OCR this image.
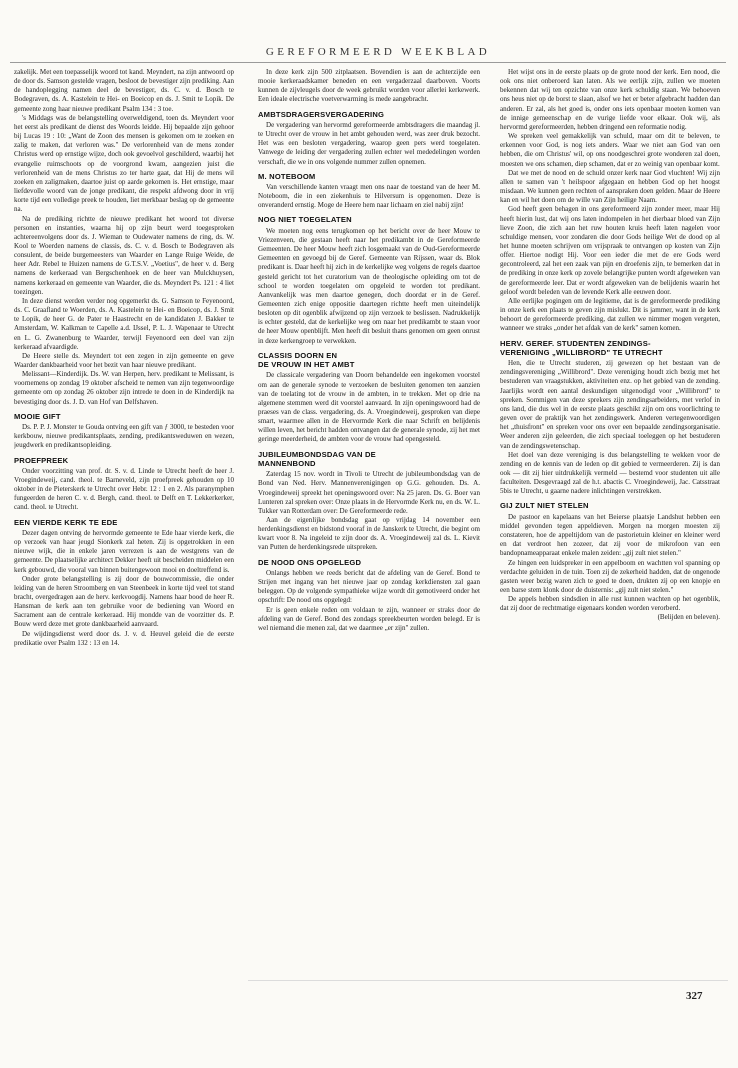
GEREFORMEERD WEEKBLAD

zakelijk. Met een toepasselijk woord tot kand. Meyndert, na zijn antwoord op de door ds. Samson gestelde vragen, besloot de bevestiger zijn prediking. Aan de handoplegging namen deel de bevestiger, ds. C. v. d. Bosch te Bodegraven, ds. A. Kastelein te Hei- en Boeicop en ds. J. Smit te Lopik. De gemeente zong haar nieuwe predikant Psalm 134 : 3 toe.

's Middags was de belangstelling overweldigend, toen ds. Meyndert voor het eerst als predikant de dienst des Woords leidde. Hij bepaalde zijn gehoor bij Lucas 19 : 10: „Want de Zoon des mensen is gekomen om te zoeken en zalig te maken, dat verloren was." De verlorenheid van de mens zonder Christus werd op ernstige wijze, doch ook gevoelvol geschilderd, waarbij het evangelie ruimschoots op de voorgrond kwam, aangezien juist die verlorenheid van de mens Christus zo ter harte gaat, dat Hij de mens wil zoeken en zaligmaken, daartoe juist op aarde gekomen is. Het ernstige, maar liefdevolle woord van de jonge predikant, die respekt afdwong door in vrij korte tijd een volledige preek te houden, liet merkbaar beslag op de gemeente na.

Na de prediking richtte de nieuwe predikant het woord tot diverse personen en instanties, waarna hij op zijn beurt werd toegesproken achtereenvolgens door ds. J. Wieman te Oudewater namens de ring, ds. W. Kool te Woerden namens de classis, ds. C. v. d. Bosch te Bodegraven als consulent, de beide burgemeesters van Waarder en Lange Ruige Weide, de heer Adr. Rebel te Huizen namens de G.T.S.V. „Voetius", de heer v. d. Berg namens de kerkeraad van Bergschenhoek en de heer van Mulckhuysen, namens kerkeraad en gemeente van Waarder, die ds. Meyndert Ps. 121 : 4 liet toezingen.

In deze dienst werden verder nog opgemerkt ds. G. Samson te Feyenoord, ds. C. Graafland te Woerden, ds. A. Kastelein te Hei- en Boeicop, ds. J. Smit te Lopik, de heer G. de Pater te Haastrecht en de kandidaten J. Bakker te Amsterdam, W. Kalkman te Capelle a.d. IJssel, P. L. J. Wapenaar te Utrecht en L. G. Zwanenburg te Waarder, terwijl Feyenoord een deel van zijn kerkeraad afvaardigde.

De Heere stelle ds. Meyndert tot een zegen in zijn gemeente en geve Waarder dankbaarheid voor het bezit van haar nieuwe predikant.

Melissant—Kinderdijk. Ds. W. van Herpen, herv. predikant te Melissant, is voornemens op zondag 19 oktober afscheid te nemen van zijn tegenwoordige gemeente om op zondag 26 oktober zijn intrede te doen in de Kinderdijk na bevestiging door ds. J. D. van Hof van Delfshaven.

MOOIE GIFT

Ds. P. P. J. Monster te Gouda ontving een gift van ƒ 3000, te besteden voor kerkbouw, nieuwe predikantsplaats, zending, predikantsweduwen en wezen, jeugdwerk en predikantsopleiding.

PROEFPREEK

Onder voorzitting van prof. dr. S. v. d. Linde te Utrecht heeft de heer J. Vroegindeweij, cand. theol. te Barneveld, zijn proefpreek gehouden op 10 oktober in de Pieterskerk te Utrecht over Hebr. 12 : 1 en 2. Als paranymphen fungeerden de heren C. v. d. Bergh, cand. theol. te Delft en T. Lekkerkerker, cand. theol. te Utrecht.

EEN VIERDE KERK TE EDE

Dezer dagen ontving de hervormde gemeente te Ede haar vierde kerk, die op verzoek van haar jeugd Sionkerk zal heten. Zij is opgetrokken in een nieuwe wijk, die in enkele jaren verrezen is aan de westgrens van de gemeente. De plaatselijke architect Dekker heeft uit bescheiden middelen een kerk gebouwd, die vooral van binnen buitengewoon mooi en doeltreffend is.

Onder grote belangstelling is zij door de bouwcommissie, die onder leiding van de heren Stroomberg en van Steenbeek in korte tijd veel tot stand bracht, overgedragen aan de herv. kerkvoogdij. Namens haar bood de heer R. Hansman de kerk aan ten gebruike voor de bediening van Woord en Sacrament aan de centrale kerkeraad. Hij mondde van de voorzitter ds. P. Bouw werd deze met grote dankbaarheid aanvaard.

De wijdingsdienst werd door ds. J. v. d. Heuvel geleid die de eerste predikatie over Psalm 132 : 13 en 14.

In deze kerk zijn 500 zitplaatsen. Bovendien is aan de achterzijde een mooie kerkeraadskamer beneden en een vergaderzaal daarboven. Voorts kunnen de zijvleugels door de week gebruikt worden voor allerlei kerkewerk. Een ideale electrische voetverwarming is mede aangebracht.

AMBTSDRAGERSVERGADERING

De vergadering van hervormd gereformeerde ambtsdragers die maandag jl. te Utrecht over de vrouw in het ambt gehouden werd, was zeer druk bezocht. Het was een besloten vergadering, waarop geen pers werd toegelaten. Vanwege de leiding der vergadering zullen echter wel mededelingen worden verschaft, die we in ons volgende nummer zullen opnemen.

M. NOTEBOOM

Van verschillende kanten vraagt men ons naar de toestand van de heer M. Noteboom, die in een ziekenhuis te Hilversum is opgenomen. Deze is onveranderd ernstig. Moge de Heere hem naar lichaam en ziel nabij zijn!

NOG NIET TOEGELATEN

We moeten nog eens terugkomen op het bericht over de heer Mouw te Vriezenveen, die gestaan heeft naar het predikambt in de Gereformeerde Gemeenten. De heer Mouw heeft zich losgemaakt van de Oud-Gereformeerde Gemeenten en gevoegd bij de Geref. Gemeente van Rijssen, waar ds. Blok predikant is. Daar heeft hij zich in de kerkelijke weg volgens de regels daartoe gesteld gericht tot het curatorium van de theologische opleiding om tot de school te worden toegelaten om opgeleid te worden tot predikant. Aanvankelijk was men daartoe genegen, doch doordat er in de Geref. Gemeenten zich enige oppositie daartegen richtte heeft men uiteindelijk besloten op dit ogenblik afwijzend op zijn verzoek te beslissen. Nadrukkelijk is echter gesteld, dat de kerkelijke weg om naar het predikambt te staan voor de heer Mouw openblijft. Men heeft dit besluit thans genomen om geen onrust in deze kerkengroep te verwekken.

CLASSIS DOORN EN
DE VROUW IN HET AMBT

De classicale vergadering van Doorn behandelde een ingekomen voorstel om aan de generale synode te verzoeken de besluiten genomen ten aanzien van de toelating tot de vrouw in de ambten, in te trekken. Met op drie na algemene stemmen werd dit voorstel aanvaard. In zijn openingswoord had de praeses van de class. vergadering, ds. A. Vroegindeweij, gesproken van diepe smart, waarmee allen in de Hervormde Kerk die naar Schrift en belijdenis willen leven, het bericht hadden ontvangen dat de generale synode, zij het met geringe meerderheid, de ambten voor de vrouw had opengesteld.

JUBILEUMBONDSDAG VAN DE
MANNENBOND

Zaterdag 15 nov. wordt in Tivoli te Utrecht de jubileumbondsdag van de Bond van Ned. Herv. Mannenverenigingen op G.G. gehouden. Ds. A. Vroegindeweij spreekt het openingswoord over: Na 25 jaren. Ds. G. Boer van Lunteren zal spreken over: Onze plaats in de Hervormde Kerk nu, en ds. W. L. Tukker van Rotterdam over: De Gereformeerde rede.

Aan de eigenlijke bondsdag gaat op vrijdag 14 november een herdenkingsdienst en bidstond vooraf in de Janskerk te Utrecht, die begint om kwart voor 8. Na ingeleid te zijn door ds. A. Vroegindeweij zal ds. L. Kievit van Putten de herdenkingsrede uitspreken.

DE NOOD ONS OPGELEGD

Onlangs hebben we reeds bericht dat de afdeling van de Geref. Bond te Strijen met ingang van het nieuwe jaar op zondag kerkdiensten zal gaan beleggen. Op de volgende sympathieke wijze wordt dit gemotiveerd onder het opschrift: De nood ons opgelegd:

Er is geen enkele reden om voldaan te zijn, wanneer er straks door de afdeling van de Geref. Bond des zondags spreekbeurten worden belegd. Er is wel niemand die menen zal, dat we daarmee „er zijn" zullen.

Het wijst ons in de eerste plaats op de grote nood der kerk. Een nood, die ook ons niet onberoerd kan laten. Als we eerlijk zijn, zullen we moeten bekennen dat wij ten opzichte van onze kerk schuldig staan. We behoeven ons heus niet op de borst te slaan, alsof we het er beter afgebracht hadden dan anderen. Er zal, als het goed is, onder ons iets openbaar moeten komen van de innige gemeenschap en de vurige liefde voor elkaar. Ook wij, als hervormd gereformeerden, hebben dringend een reformatie nodig.

We spreken veel gemakkelijk van schuld, maar om dit te beleven, te erkennen voor God, is nog iets anders. Waar we niet aan God van oen hebben, die om Christus' wil, op ons noodgeschrei grote wonderen zal doen, moesten we ons schamen, diep schamen, dat er zo weinig van openbaar komt.

Dat we met de nood en de schuld onzer kerk naar God vluchten! Wij zijn allen te samen van 't heilspoor afgegaan en hebben God op het hoogst misdaan. We kunnen geen rechten of aanspraken doen gelden. Maar de Heere kan en wil het doen om de wille van Zijn heilige Naam.

God heeft geen behagen in ons gereformeerd zijn zonder meer, maar Hij heeft hierin lust, dat wij ons laten indompelen in het dierbaar bloed van Zijn lieve Zoon, die zich aan het ruw houten kruis heeft laten nagelen voor schuldige mensen, voor zondaren die door Gods heilige Wet de dood op al het hunne moeten schrijven om vrijspraak te ontvangen op kosten van Zijn offer. Hiertoe nodigt Hij. Voor een ieder die met de ere Gods werd gecontroleerd, zal het een zaak van pijn en droefenis zijn, te bemerken dat in de prediking in onze kerk op zovele belangrijke punten wordt afgeweken van de gereformeerde leer. Dat er wordt afgeweken van de belijdenis waarin het geloof wordt beleden van de levende Kerk alle eeuwen door.

Alle eerlijke pogingen om de legitieme, dat is de gereformeerde prediking in onze kerk een plaats te geven zijn mislukt. Dit is jammer, want in de kerk behoort de gereformeerde prediking, dat zullen we nimmer mogen vergeten, wanneer we straks „onder het afdak van de kerk" samen komen.

HERV. GEREF. STUDENTEN ZENDINGS-
VERENIGING „WILLIBRORD" TE UTRECHT

Hen, die te Utrecht studeren, zij gewezen op het bestaan van de zendingsvereniging „Willibrord". Deze vereniging houdt zich bezig met het bestuderen van vraagstukken, aktiviteiten enz. op het gebied van de zending. Jaarlijks wordt een aantal deskundigen uitgenodigd voor „Willibrord" te spreken. Sommigen van deze sprekers zijn zendingsarbeiders, met verlof in ons land, die dus wel in de eerste plaats geschikt zijn om ons voorlichting te geven over de praktijk van het zendingswerk. Anderen vertegenwoordigen het „thuisfront" en spreken voor ons over een bepaalde zendingsorganisatie. Weer anderen zijn geleerden, die zich speciaal toeleggen op het bestuderen van de zendingswetenschap.

Het doel van deze vereniging is dus belangstelling te wekken voor de zending en de kennis van de leden op dit gebied te vermeerderen. Zij is dan ook — dit zij hier uitdrukkelijk vermeld — bestemd voor studenten uit alle faculteiten. Desgevraagd zal de h.t. abactis C. Vroegindeweij, Jac. Catsstraat 5bis te Utrecht, u gaarne nadere inlichtingen verstrekken.

GIJ ZULT NIET STELEN

De pastoor en kapelaans van het Beierse plaatsje Landshut hebben een middel gevonden tegen appeldieven. Morgen na morgen moesten zij constateren, hoe de appeltijdom van de pastorietuin kleiner en kleiner werd en dat verdroot hen zozeer, dat zij voor de mikrofoon van een bandopnameapparaat enkele malen zeiden: „gij zult niet stelen."

Ze hingen een luidspreker in een appelboom en wachtten vol spanning op verdachte geluiden in de tuin. Toen zij de zekerheid hadden, dat de ongenode gasten weer bezig waren zich te goed te doen, drukten zij op een knopje en een barse stem klonk door de duisternis: „gij zult niet stelen."

De appels hebben sindsdien in alle rust kunnen wachten op het ogenblik, dat zij door de rechtmatige eigenaars konden worden verorberd.

(Belijden en beleven).

327
